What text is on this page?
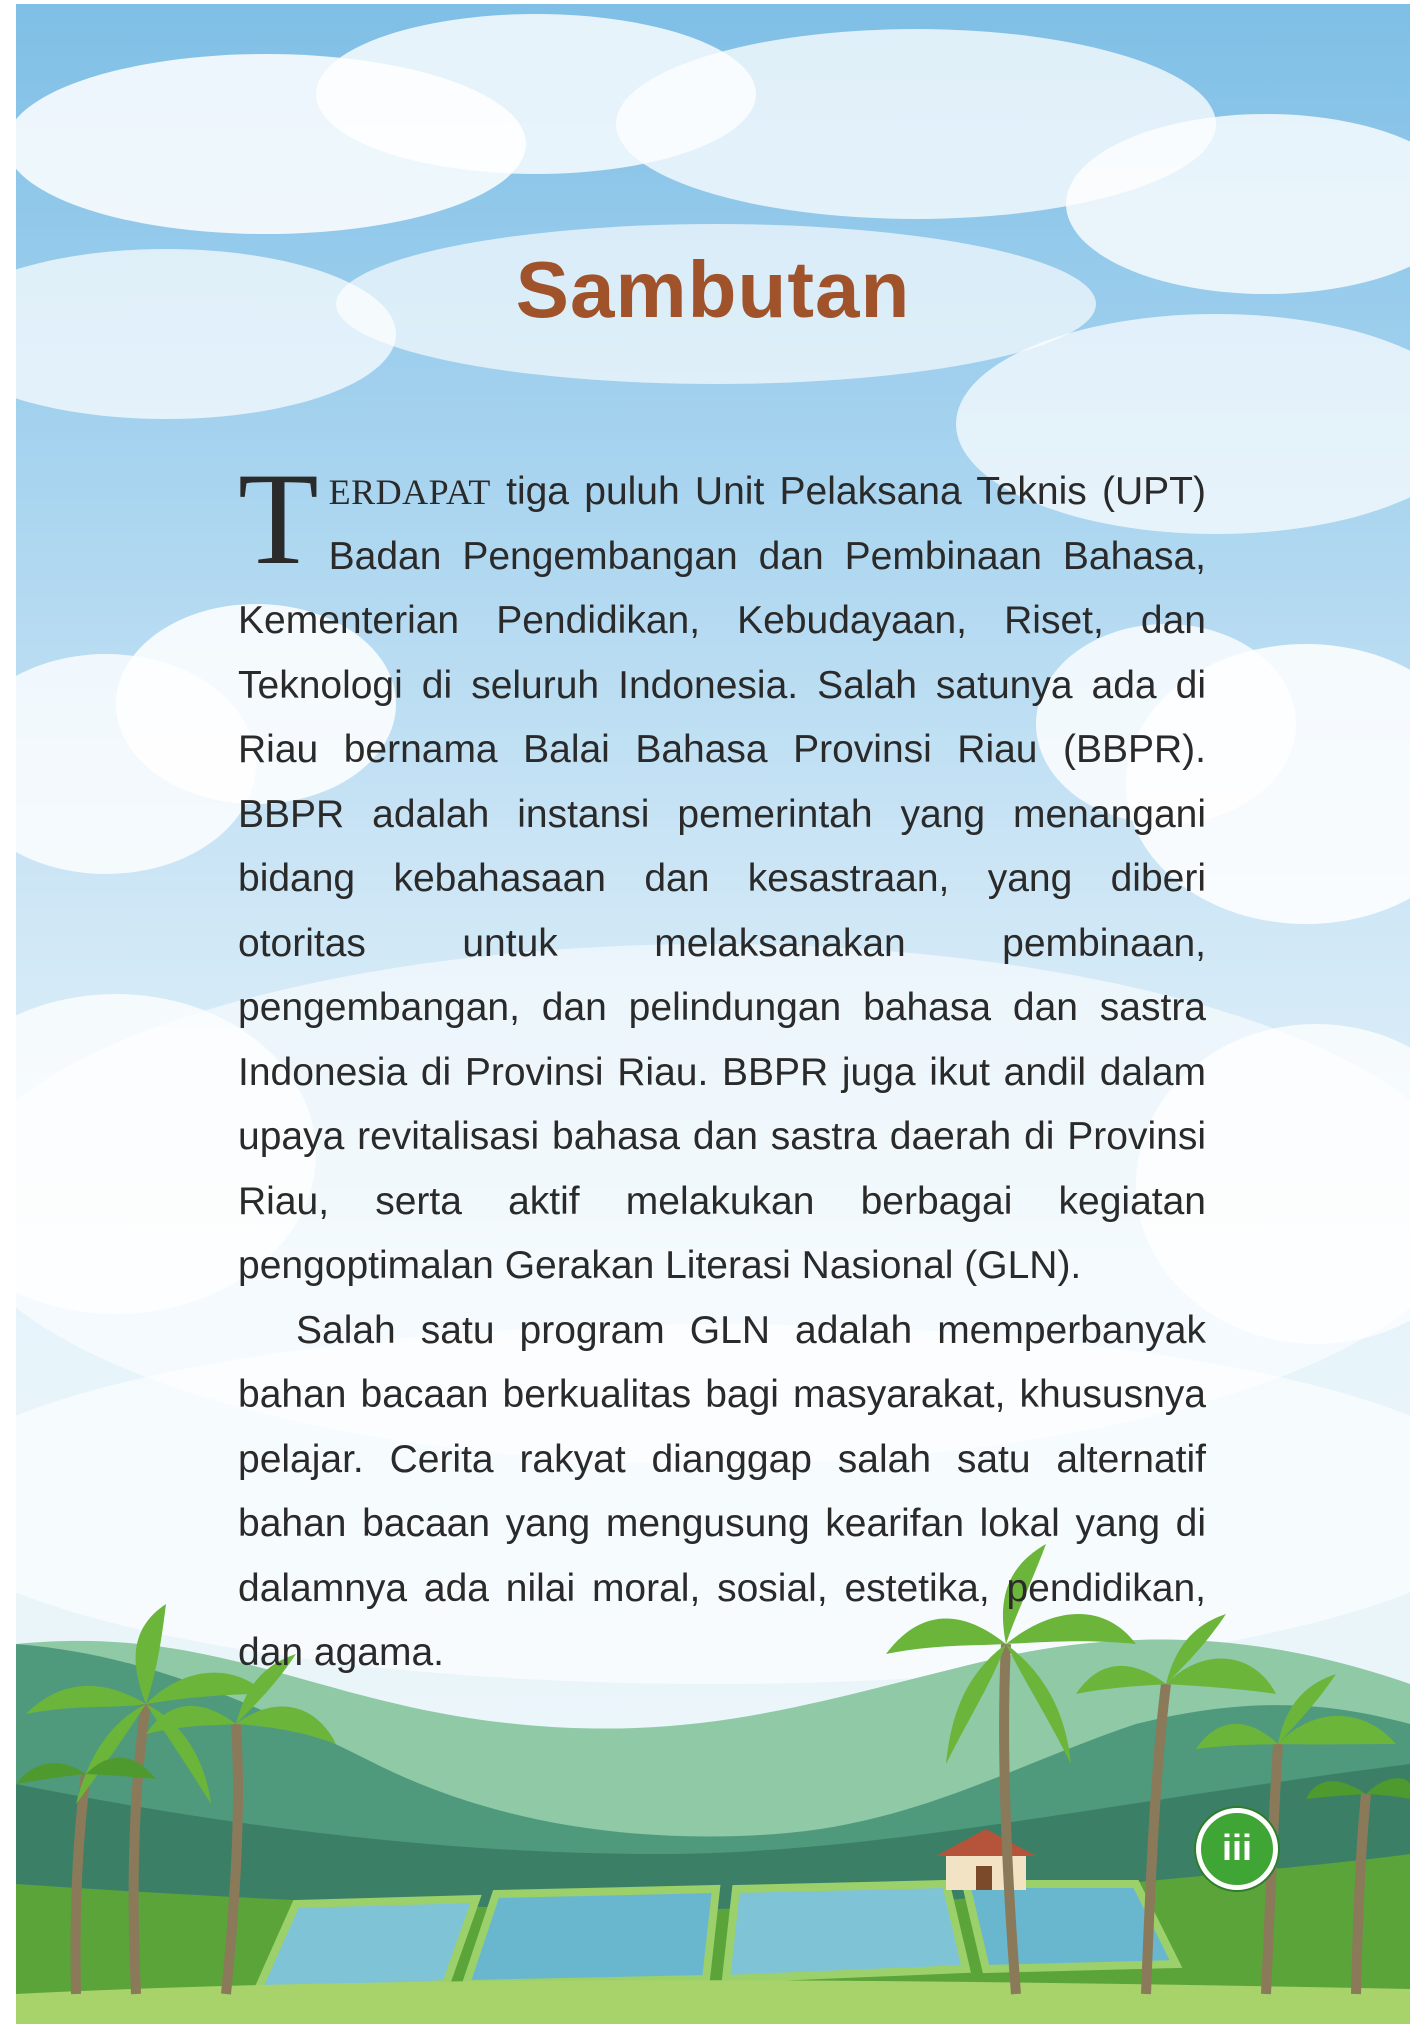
Sambutan

TERDAPAT tiga puluh Unit Pelaksana Teknis (UPT) Badan Pengembangan dan Pembinaan Bahasa, Kementerian Pendidikan, Kebudayaan, Riset, dan Teknologi di seluruh Indonesia. Salah satunya ada di Riau bernama Balai Bahasa Provinsi Riau (BBPR). BBPR adalah instansi pemerintah yang menangani bidang kebahasaan dan kesastraan, yang diberi otoritas untuk melaksanakan pembinaan, pengembangan, dan pelindungan bahasa dan sastra Indonesia di Provinsi Riau. BBPR juga ikut andil dalam upaya revitalisasi bahasa dan sastra daerah di Provinsi Riau, serta aktif melakukan berbagai kegiatan pengoptimalan Gerakan Literasi Nasional (GLN).

Salah satu program GLN adalah memperbanyak bahan bacaan berkualitas bagi masyarakat, khususnya pelajar. Cerita rakyat dianggap salah satu alternatif bahan bacaan yang mengusung kearifan lokal yang di dalamnya ada nilai moral, sosial, estetika, pendidikan, dan agama.

iii
